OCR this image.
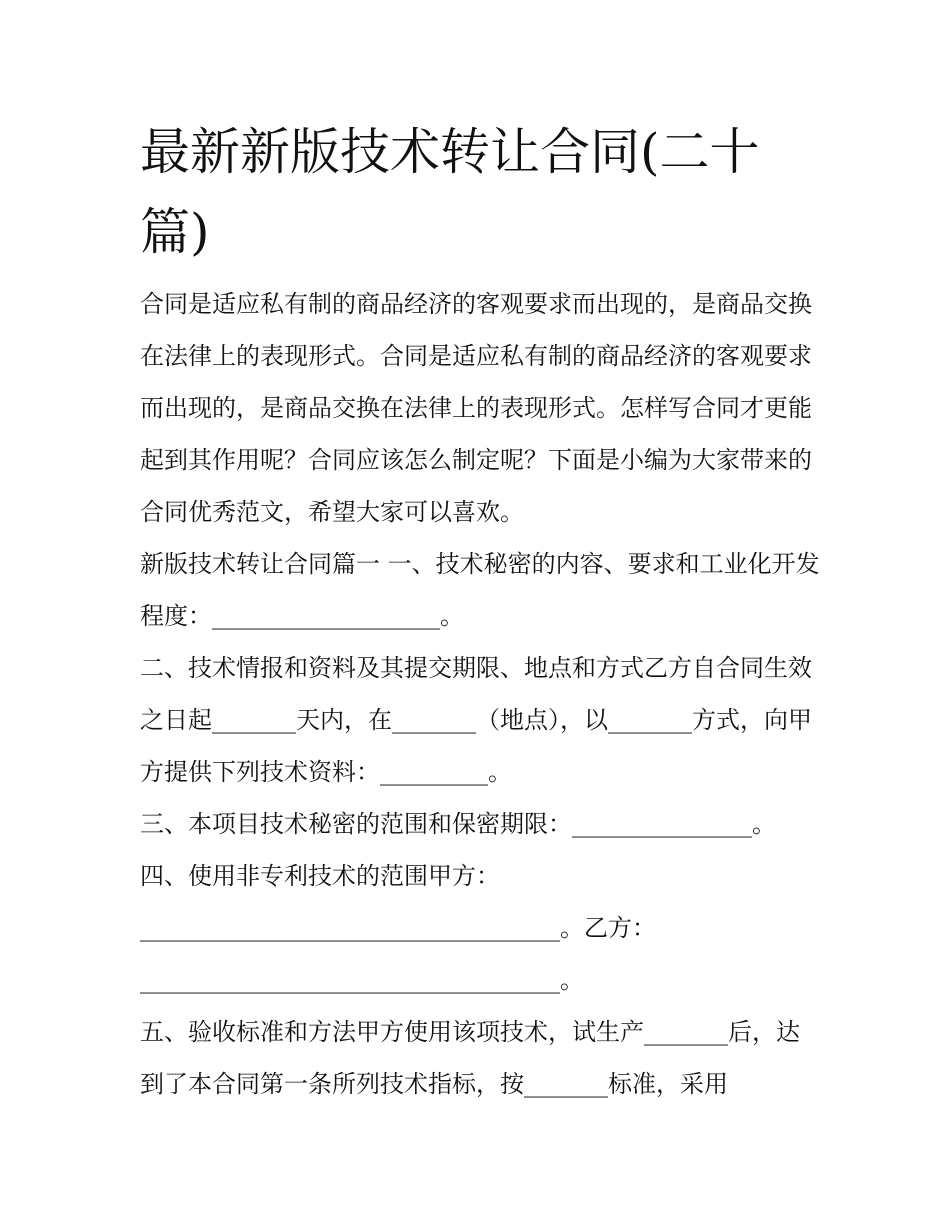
最新新版技术转让合同(二十篇)

合同是适应私有制的商品经济的客观要求而出现的，是商品交换在法律上的表现形式。合同是适应私有制的商品经济的客观要求而出现的，是商品交换在法律上的表现形式。怎样写合同才更能起到其作用呢？合同应该怎么制定呢？下面是小编为大家带来的合同优秀范文，希望大家可以喜欢。

新版技术转让合同篇一 一、技术秘密的内容、要求和工业化开发程度：___________________。

二、技术情报和资料及其提交期限、地点和方式乙方自合同生效之日起_______天内，在_______（地点），以_______方式，向甲方提供下列技术资料：_________。

三、本项目技术秘密的范围和保密期限：_______________。

四、使用非专利技术的范围甲方：___________________________________。乙方：___________________________________。

五、验收标准和方法甲方使用该项技术，试生产_______后，达到了本合同第一条所列技术指标，按_______标准，采用
